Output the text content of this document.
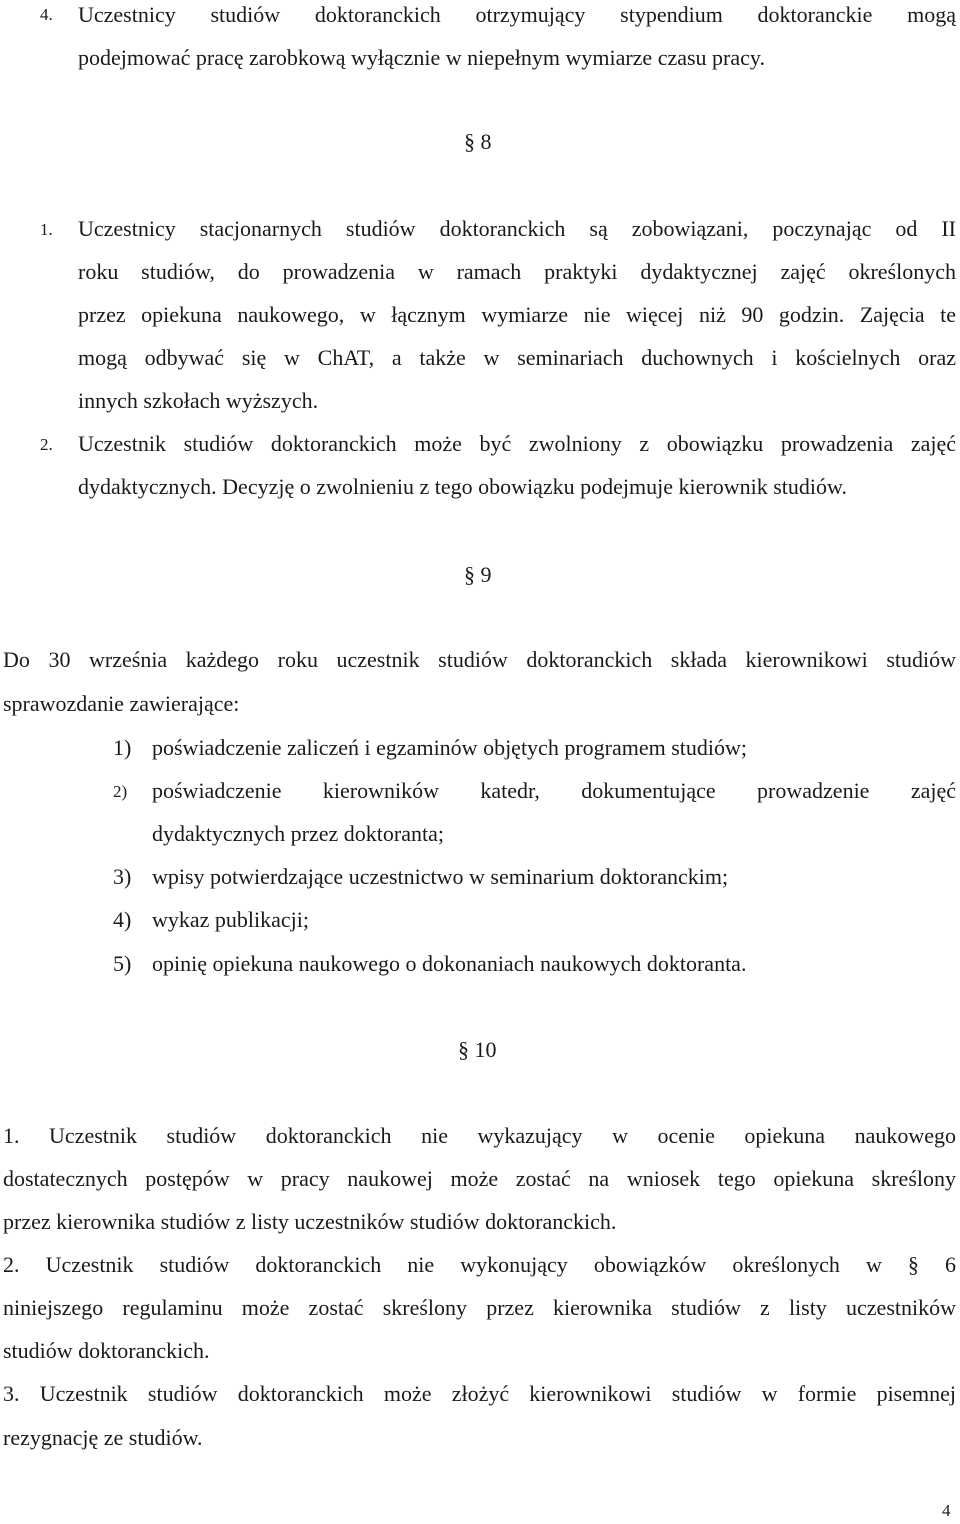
4. Uczestnicy studiów doktoranckich otrzymujący stypendium doktoranckie mogą
podejmować pracę zarobkową wyłącznie w niepełnym wymiarze czasu pracy.
§ 8
1. Uczestnicy stacjonarnych studiów doktoranckich są zobowiązani, poczynając od II
roku studiów, do prowadzenia w ramach praktyki dydaktycznej zajęć określonych
przez opiekuna naukowego, w łącznym wymiarze nie więcej niż 90 godzin. Zajęcia te
mogą odbywać się w ChAT, a także w seminariach duchownych i kościelnych oraz
innych szkołach wyższych.
2. Uczestnik studiów doktoranckich może być zwolniony z obowiązku prowadzenia zajęć
dydaktycznych. Decyzję o zwolnieniu z tego obowiązku podejmuje kierownik studiów.
§ 9
Do 30 września każdego roku uczestnik studiów doktoranckich składa kierownikowi studiów
sprawozdanie zawierające:
1) poświadczenie zaliczeń i egzaminów objętych programem studiów;
2) poświadczenie kierowników katedr, dokumentujące prowadzenie zajęć
dydaktycznych przez doktoranta;
3) wpisy potwierdzające uczestnictwo w seminarium doktoranckim;
4) wykaz publikacji;
5) opinię opiekuna naukowego o dokonaniach naukowych doktoranta.
§ 10
1. Uczestnik studiów doktoranckich nie wykazujący w ocenie opiekuna naukowego
dostatecznych postępów w pracy naukowej może zostać na wniosek tego opiekuna skreślony
przez kierownika studiów z listy uczestników studiów doktoranckich.
2. Uczestnik studiów doktoranckich nie wykonujący obowiązków określonych w § 6
niniejszego regulaminu może zostać skreślony przez kierownika studiów z listy uczestników
studiów doktoranckich.
3. Uczestnik studiów doktoranckich może złożyć kierownikowi studiów w formie pisemnej
rezygnację ze studiów.
4
